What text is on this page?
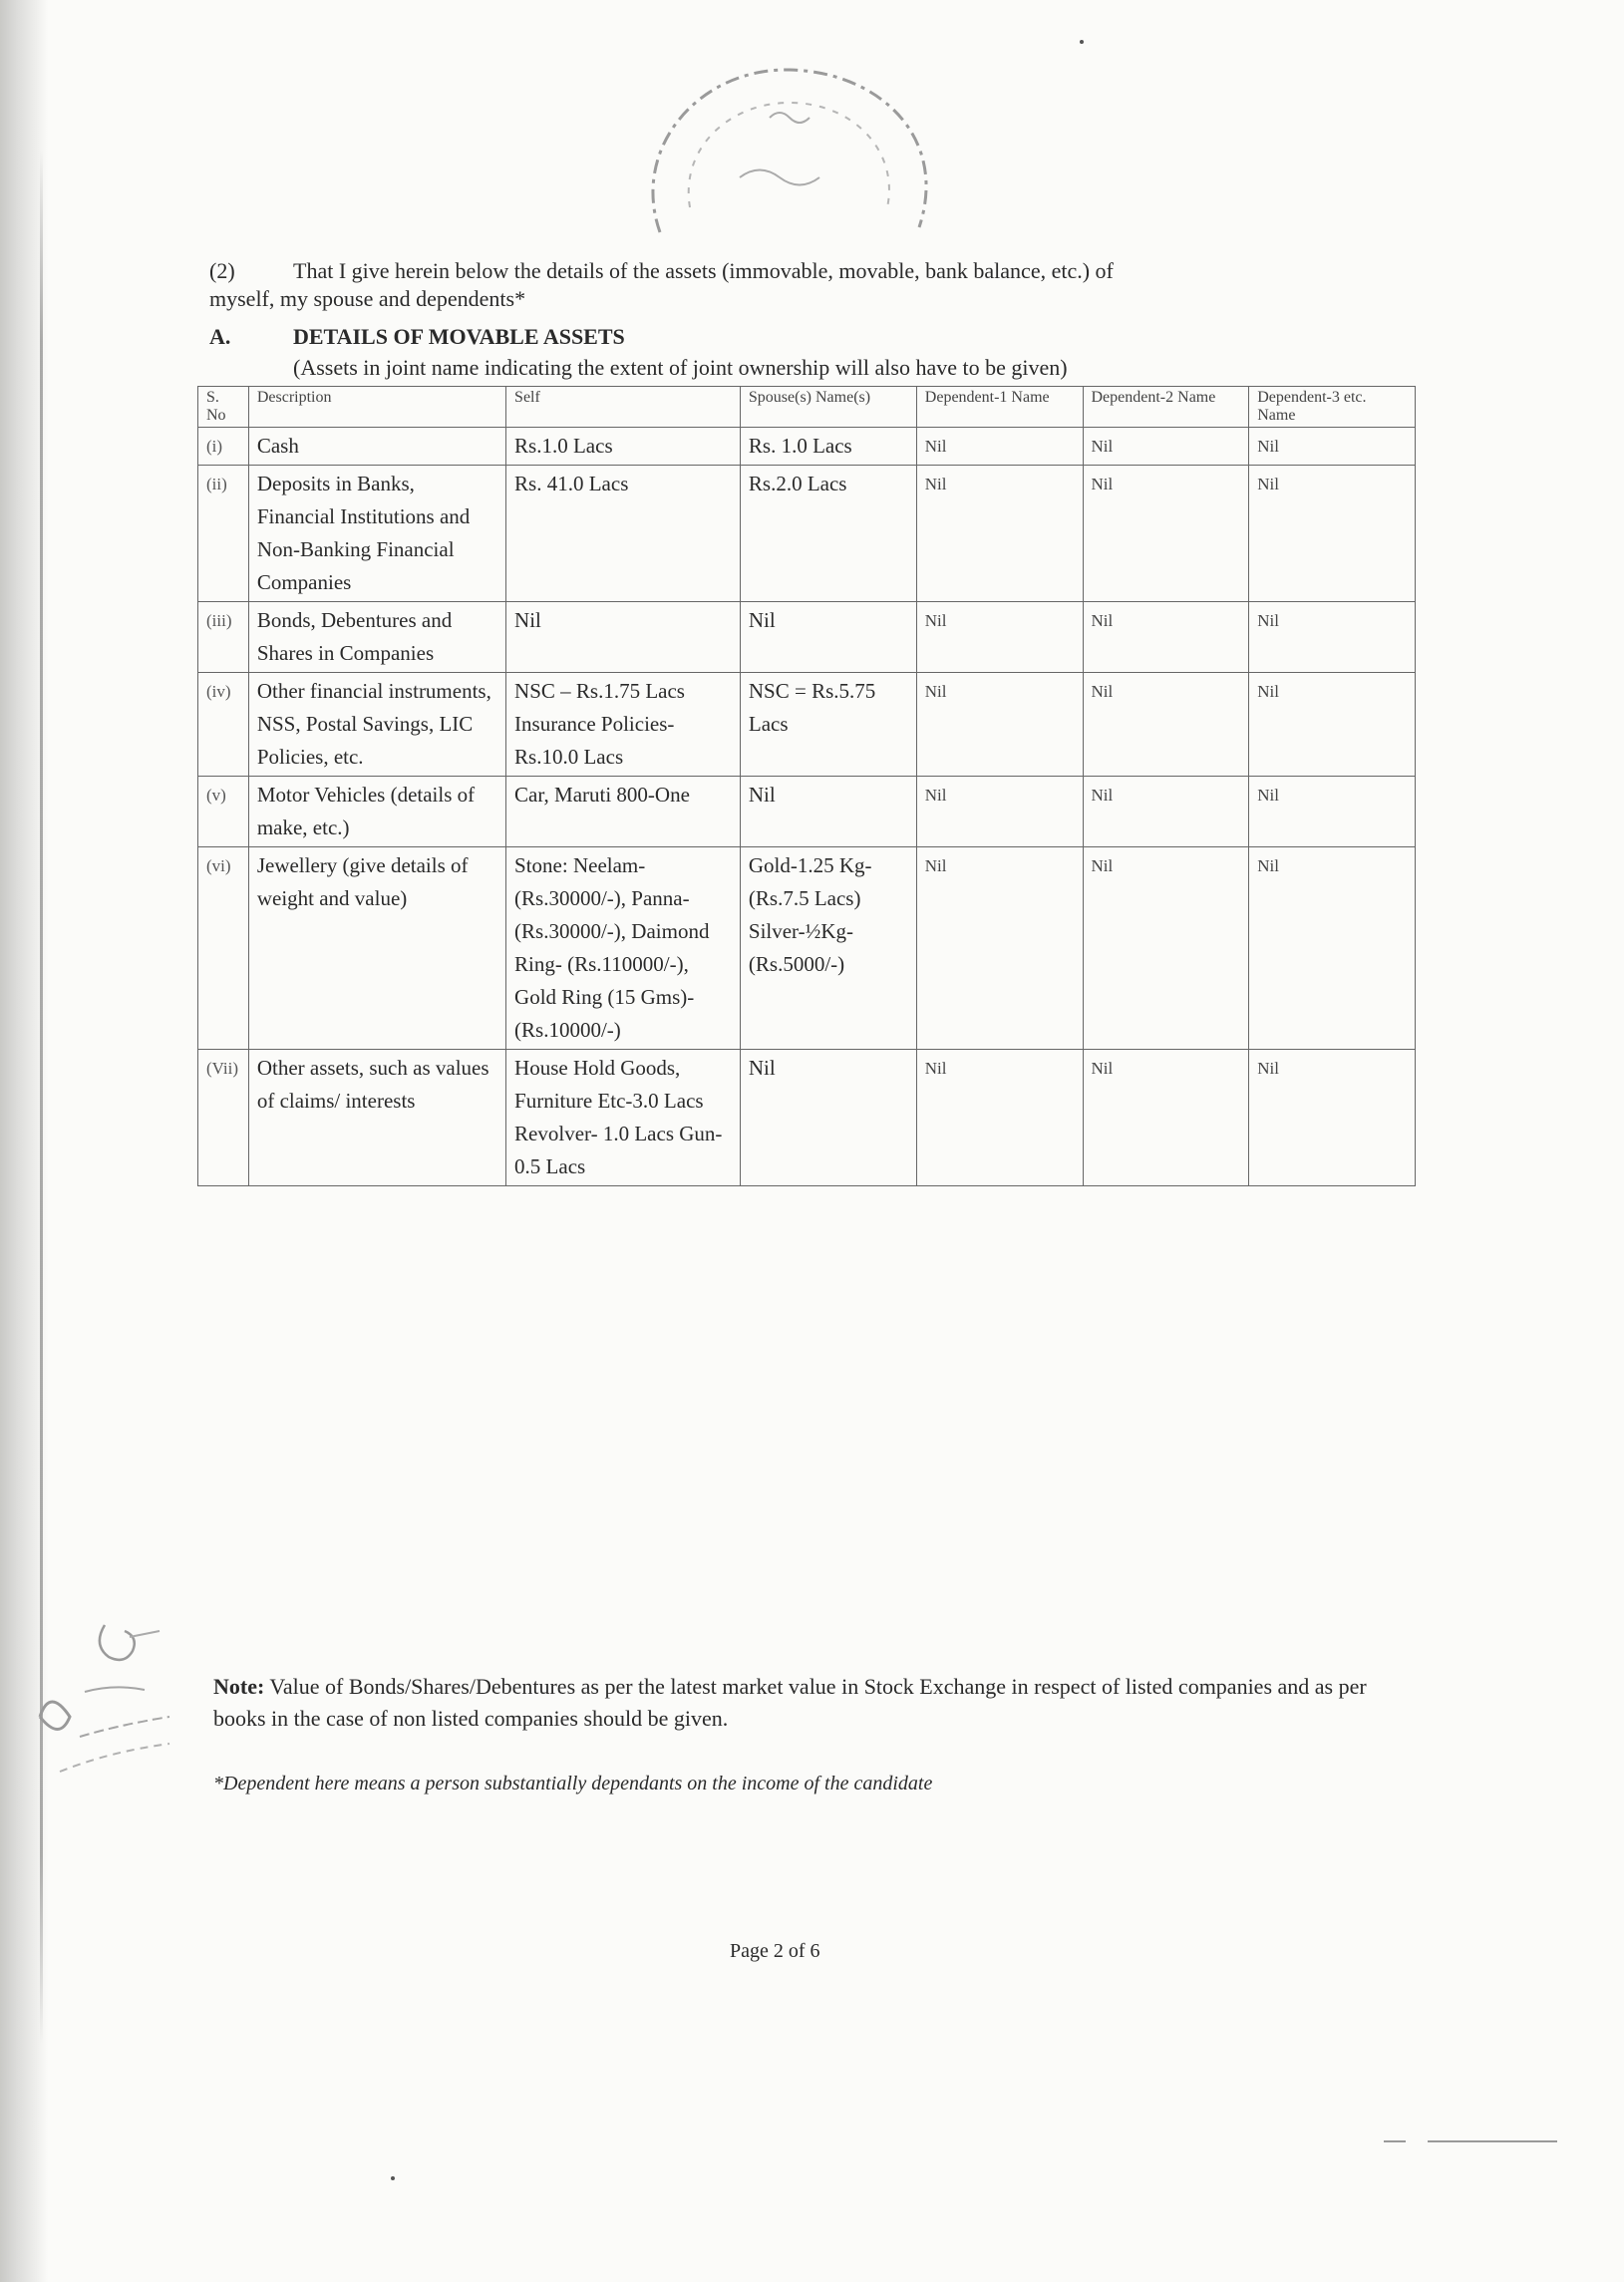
(2)	That I give herein below the details of the assets (immovable, movable, bank balance, etc.) of
myself, my spouse and dependents*
A.	DETAILS OF MOVABLE ASSETS
(Assets in joint name indicating the extent of joint ownership will also have to be given)
S. No	Description	Self	Spouse(s) Name(s)	Dependent-1 Name	Dependent-2 Name	Dependent-3 etc. Name
(i)	Cash	Rs.1.0 Lacs	Rs. 1.0 Lacs	Nil	Nil	Nil
(ii)	Deposits in Banks, Financial Institutions and Non-Banking Financial Companies	Rs. 41.0 Lacs	Rs.2.0 Lacs	Nil	Nil	Nil
(iii)	Bonds, Debentures and Shares in Companies	Nil	Nil	Nil	Nil	Nil
(iv)	Other financial instruments, NSS, Postal Savings, LIC Policies, etc.	NSC – Rs.1.75 Lacs Insurance Policies- Rs.10.0 Lacs	NSC = Rs.5.75 Lacs	Nil	Nil	Nil
(v)	Motor Vehicles (details of make, etc.)	Car, Maruti 800-One	Nil	Nil	Nil	Nil
(vi)	Jewellery (give details of weight and value)	Stone: Neelam- (Rs.30000/-), Panna- (Rs.30000/-), Daimond Ring- (Rs.110000/-), Gold Ring (15 Gms)- (Rs.10000/-)	Gold-1.25 Kg-(Rs.7.5 Lacs) Silver-½Kg- (Rs.5000/-)	Nil	Nil	Nil
(Vii)	Other assets, such as values of claims/ interests	House Hold Goods, Furniture Etc-3.0 Lacs Revolver- 1.0 Lacs Gun-0.5 Lacs	Nil	Nil	Nil	Nil
Note: Value of Bonds/Shares/Debentures as per the latest market value in Stock Exchange in respect of listed companies and as per books in the case of non listed companies should be given.
*Dependent here means a person substantially dependants on the income of the candidate
Page 2 of 6
